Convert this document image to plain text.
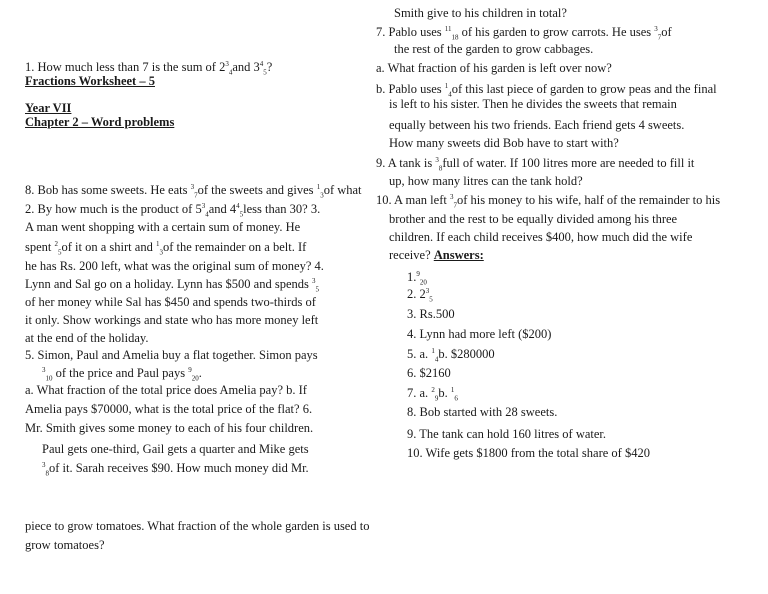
1. How much less than 7 is the sum of $2^3_4and$ $3^4_5$?
Fractions Worksheet – 5
Year VII
Chapter 2 – Word problems
8. Bob has some sweets. He eats $^3_7$of the sweets and gives $^1_3$of what
2. By how much is the product of $5^3_4and$ $4^4_5less$ than 30? 3.
A man went shopping with a certain sum of money. He
spent $^2_5$of it on a shirt and $^1_3$of the remainder on a belt. If
he has Rs. 200 left, what was the original sum of money? 4.
Lynn and Sal go on a holiday. Lynn has $500 and spends $^3_5$
of her money while Sal has $450 and spends two-thirds of
it only. Show workings and state who has more money left
at the end of the holiday.
5. Simon, Paul and Amelia buy a flat together. Simon pays
$^3_{10}$ of the price and Paul pays $^9_{20}$.
a. What fraction of the total price does Amelia pay? b. If
Amelia pays $70000, what is the total price of the flat? 6.
Mr. Smith gives some money to each of his four children.
Paul gets one-third, Gail gets a quarter and Mike gets
$^3_8$of it. Sarah receives $90. How much money did Mr.
piece to grow tomatoes. What fraction of the whole garden is used to
grow tomatoes?
Smith give to his children in total?
7. Pablo uses $^{11}_{18}$ of his garden to grow carrots. He uses $^3_7$of
the rest of the garden to grow cabbages.
a. What fraction of his garden is left over now?
b. Pablo uses $^1_4$of this last piece of garden to grow peas and the final
is left to his sister. Then he divides the sweets that remain
equally between his two friends. Each friend gets 4 sweets.
How many sweets did Bob have to start with?
9. A tank is $^3_8$full of water. If 100 litres more are needed to fill it
up, how many litres can the tank hold?
10. A man left $^3_7$of his money to his wife, half of the remainder to his
brother and the rest to be equally divided among his three
children. If each child receives $400, how much did the wife
receive? Answers:
1.$^9_{20}$
2. $2^3_5$
3. Rs.500
4. Lynn had more left ($200)
5. a. $^1_4$b. $280000
6. $2160
7. a. $^2_9$b. $^1_6$
8. Bob started with 28 sweets.
9. The tank can hold 160 litres of water.
10. Wife gets $1800 from the total share of $420
